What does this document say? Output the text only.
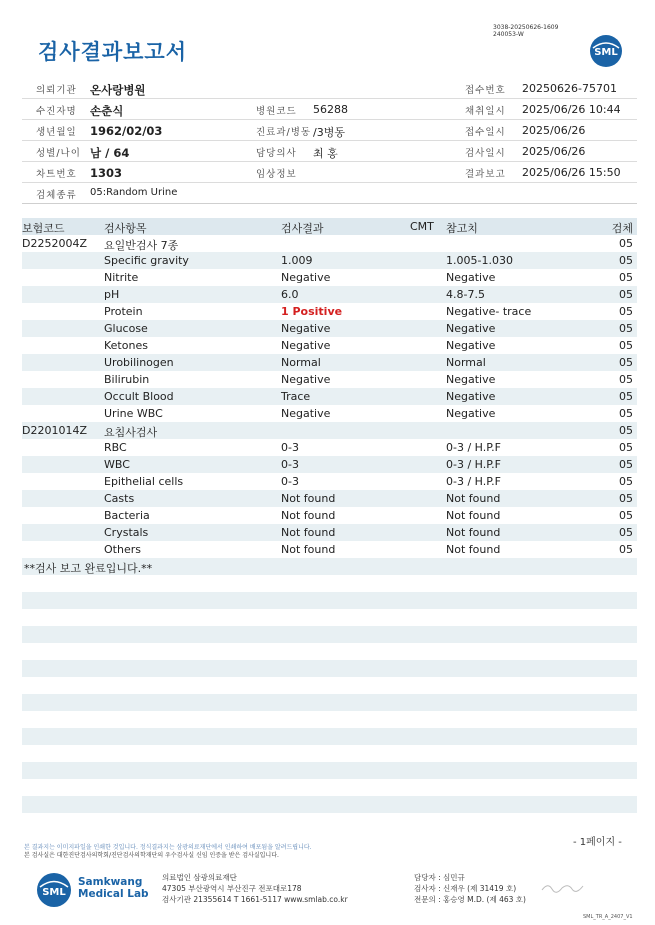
3038-20250626-1609
240053-W
검사결과보고서	SML
의뢰기관 온사랑병원	접수번호 20250626-75701
수진자명 손춘식	병원코드 56288	채취일시 2025/06/26 10:44
생년월일 1962/02/03	진료과/병동 /3병동	접수일시 2025/06/26
성별/나이 남 / 64	담당의사 최 홍	검사일시 2025/06/26
차트번호 1303	임상정보	결과보고 2025/06/26 15:50
검체종류 05:Random Urine
보험코드	검사항목	검사결과	CMT 참고치	검체
D2252004Z 요일반검사 7종	05
Specific gravity	1.009	1.005-1.030	05
Nitrite	Negative	Negative	05
pH	6.0	4.8-7.5	05
Protein	1 Positive	Negative- trace	05
Glucose	Negative	Negative	05
Ketones	Negative	Negative	05
Urobilinogen	Normal	Normal	05
Bilirubin	Negative	Negative	05
Occult Blood	Trace	Negative	05
Urine WBC	Negative	Negative	05
D2201014Z 요침사검사	05
RBC	0-3	0-3 / H.P.F	05
WBC	0-3	0-3 / H.P.F	05
Epithelial cells	0-3	0-3 / H.P.F	05
Casts	Not found	Not found	05
Bacteria	Not found	Not found	05
Crystals	Not found	Not found	05
Others	Not found	Not found	05
**검사 보고 완료입니다.**
- 1페이지 -
본 결과지는 이미지파일을 인쇄한 것입니다. 정식결과지는 삼광의료재단에서 인쇄하여 배포됨을 알려드립니다.
본 검사실은 대한진단검사의학회/진단검사의학재단의 우수검사실 신임 인증을 받은 검사실입니다.
SML
Samkwang
Medical Lab
의료법인 삼광의료재단
47305 부산광역시 부산진구 전포대로178
검사기관 21355614 T 1661-5117 www.smlab.co.kr
담당자 : 심민규
검사자 : 신재우 (제 31419 호)
전문의 : 홍승영 M.D. (제 463 호)
SML_TR_A_2407_V1
